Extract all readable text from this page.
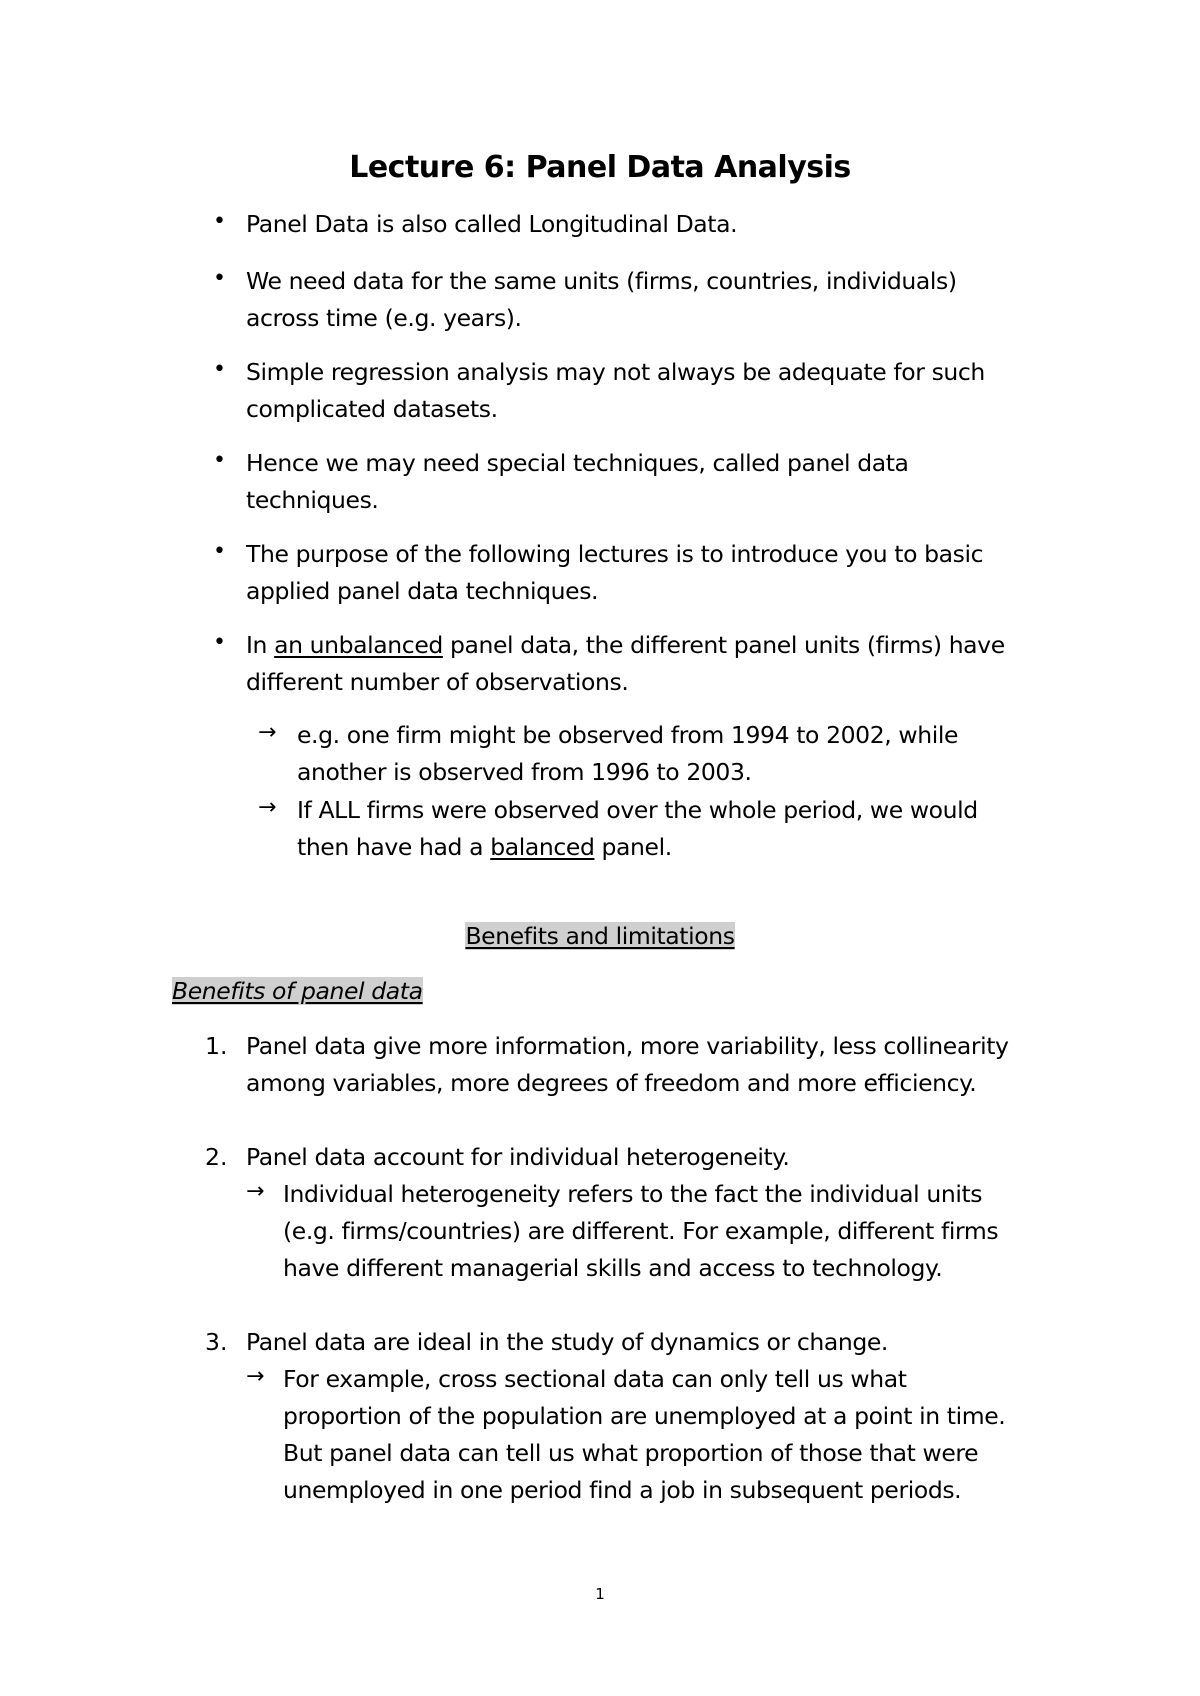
Lecture 6: Panel Data Analysis
• Panel Data is also called Longitudinal Data.
• We need data for the same units (firms, countries, individuals)
across time (e.g. years).
• Simple regression analysis may not always be adequate for such
complicated datasets.
• Hence we may need special techniques, called panel data
techniques.
• The purpose of the following lectures is to introduce you to basic
applied panel data techniques.
• In an unbalanced panel data, the different panel units (firms) have
different number of observations.
→ e.g. one firm might be observed from 1994 to 2002, while
another is observed from 1996 to 2003.
→ If ALL firms were observed over the whole period, we would
then have had a balanced panel.
Benefits and limitations
Benefits of panel data
1. Panel data give more information, more variability, less collinearity
among variables, more degrees of freedom and more efficiency.
2. Panel data account for individual heterogeneity.
→ Individual heterogeneity refers to the fact the individual units
(e.g. firms/countries) are different. For example, different firms
have different managerial skills and access to technology.
3. Panel data are ideal in the study of dynamics or change.
→ For example, cross sectional data can only tell us what
proportion of the population are unemployed at a point in time.
But panel data can tell us what proportion of those that were
unemployed in one period find a job in subsequent periods.
1
